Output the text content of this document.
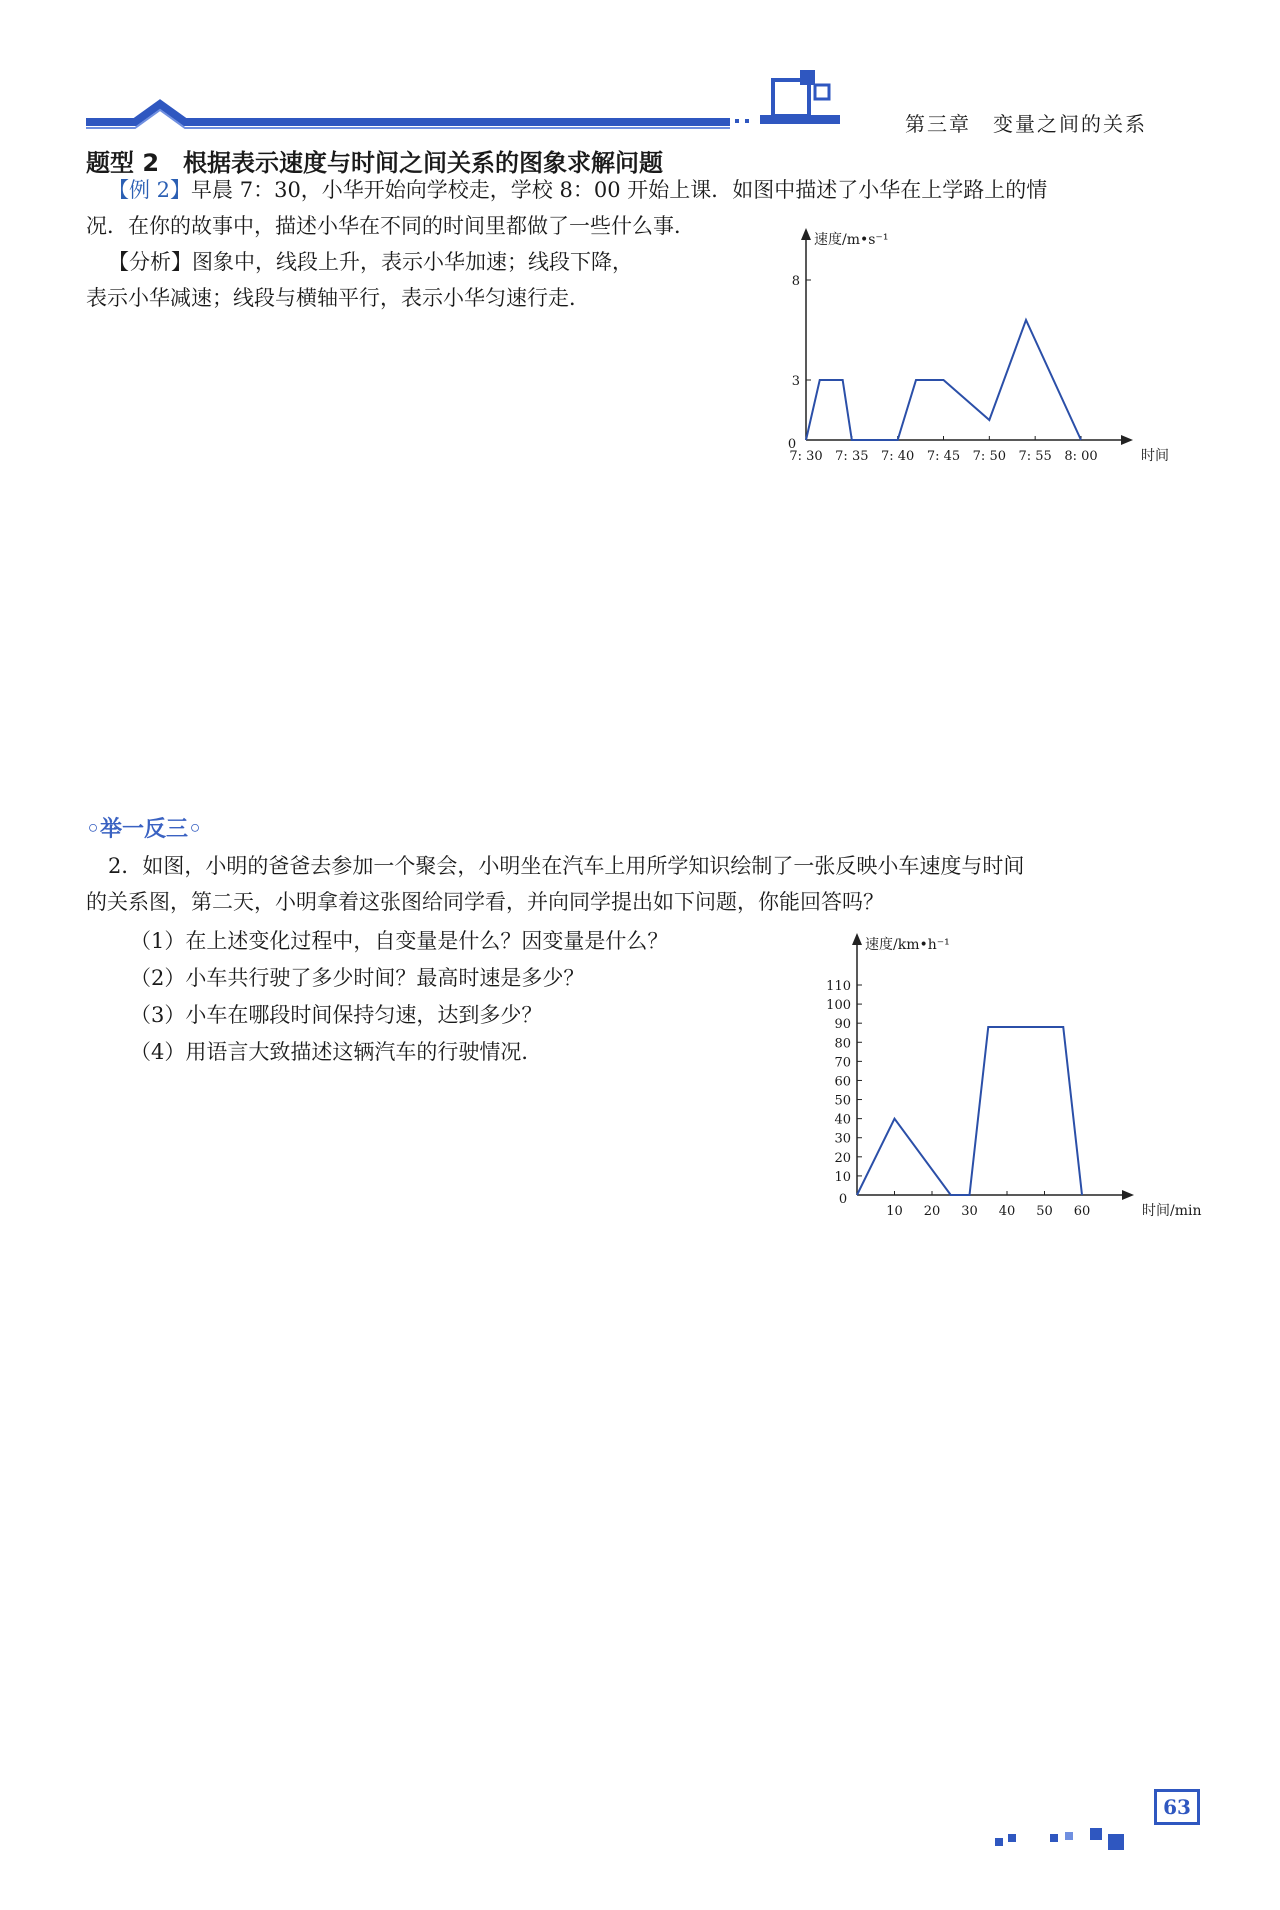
第三章　变量之间的关系
题型 2　根据表示速度与时间之间关系的图象求解问题
【例 2】早晨 7：30，小华开始向学校走，学校 8：00 开始上课．如图中描述了小华在上学路上的情
况．在你的故事中，描述小华在不同的时间里都做了一些什么事．
【分析】图象中，线段上升，表示小华加速；线段下降，
表示小华减速；线段与横轴平行，表示小华匀速行走．
速度/m•s⁻¹
时间
0
8
3
7: 30 7: 35 7: 40 7: 45 7: 50 7: 55 8: 00
◦举一反三◦
2．如图，小明的爸爸去参加一个聚会，小明坐在汽车上用所学知识绘制了一张反映小车速度与时间
的关系图，第二天，小明拿着这张图给同学看，并向同学提出如下问题，你能回答吗？
（1）在上述变化过程中，自变量是什么？因变量是什么？
（2）小车共行驶了多少时间？最高时速是多少？
（3）小车在哪段时间保持匀速，达到多少？
（4）用语言大致描述这辆汽车的行驶情况．
速度/km•h⁻¹
时间/min
0
10
20
30
40
50
60
70
80
90
100
110
10 20 30 40 50 60
63
